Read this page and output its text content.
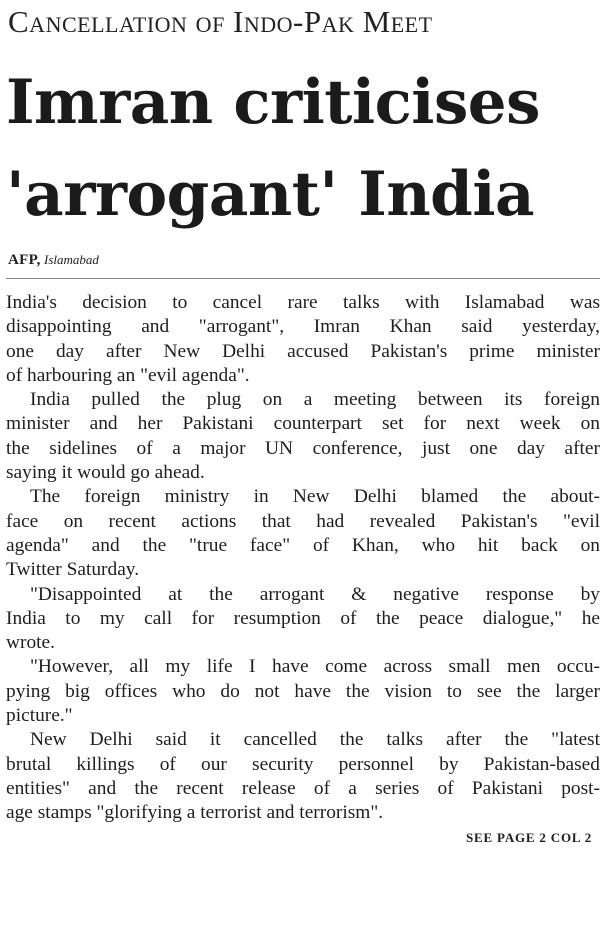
Cancellation of Indo-Pak Meet
Imran criticises
'arrogant' India
AFP, Islamabad

India's decision to cancel rare talks with Islamabad was
disappointing and "arrogant", Imran Khan said yesterday,
one day after New Delhi accused Pakistan's prime minister
of harbouring an "evil agenda".

India pulled the plug on a meeting between its foreign
minister and her Pakistani counterpart set for next week on
the sidelines of a major UN conference, just one day after
saying it would go ahead.

The foreign ministry in New Delhi blamed the about-
face on recent actions that had revealed Pakistan's "evil
agenda" and the "true face" of Khan, who hit back on
Twitter Saturday.

"Disappointed at the arrogant & negative response by
India to my call for resumption of the peace dialogue," he
wrote.

"However, all my life I have come across small men occu-
pying big offices who do not have the vision to see the larger
picture."

New Delhi said it cancelled the talks after the "latest
brutal killings of our security personnel by Pakistan-based
entities" and the recent release of a series of Pakistani post-
age stamps "glorifying a terrorist and terrorism".

SEE PAGE 2 COL 2
